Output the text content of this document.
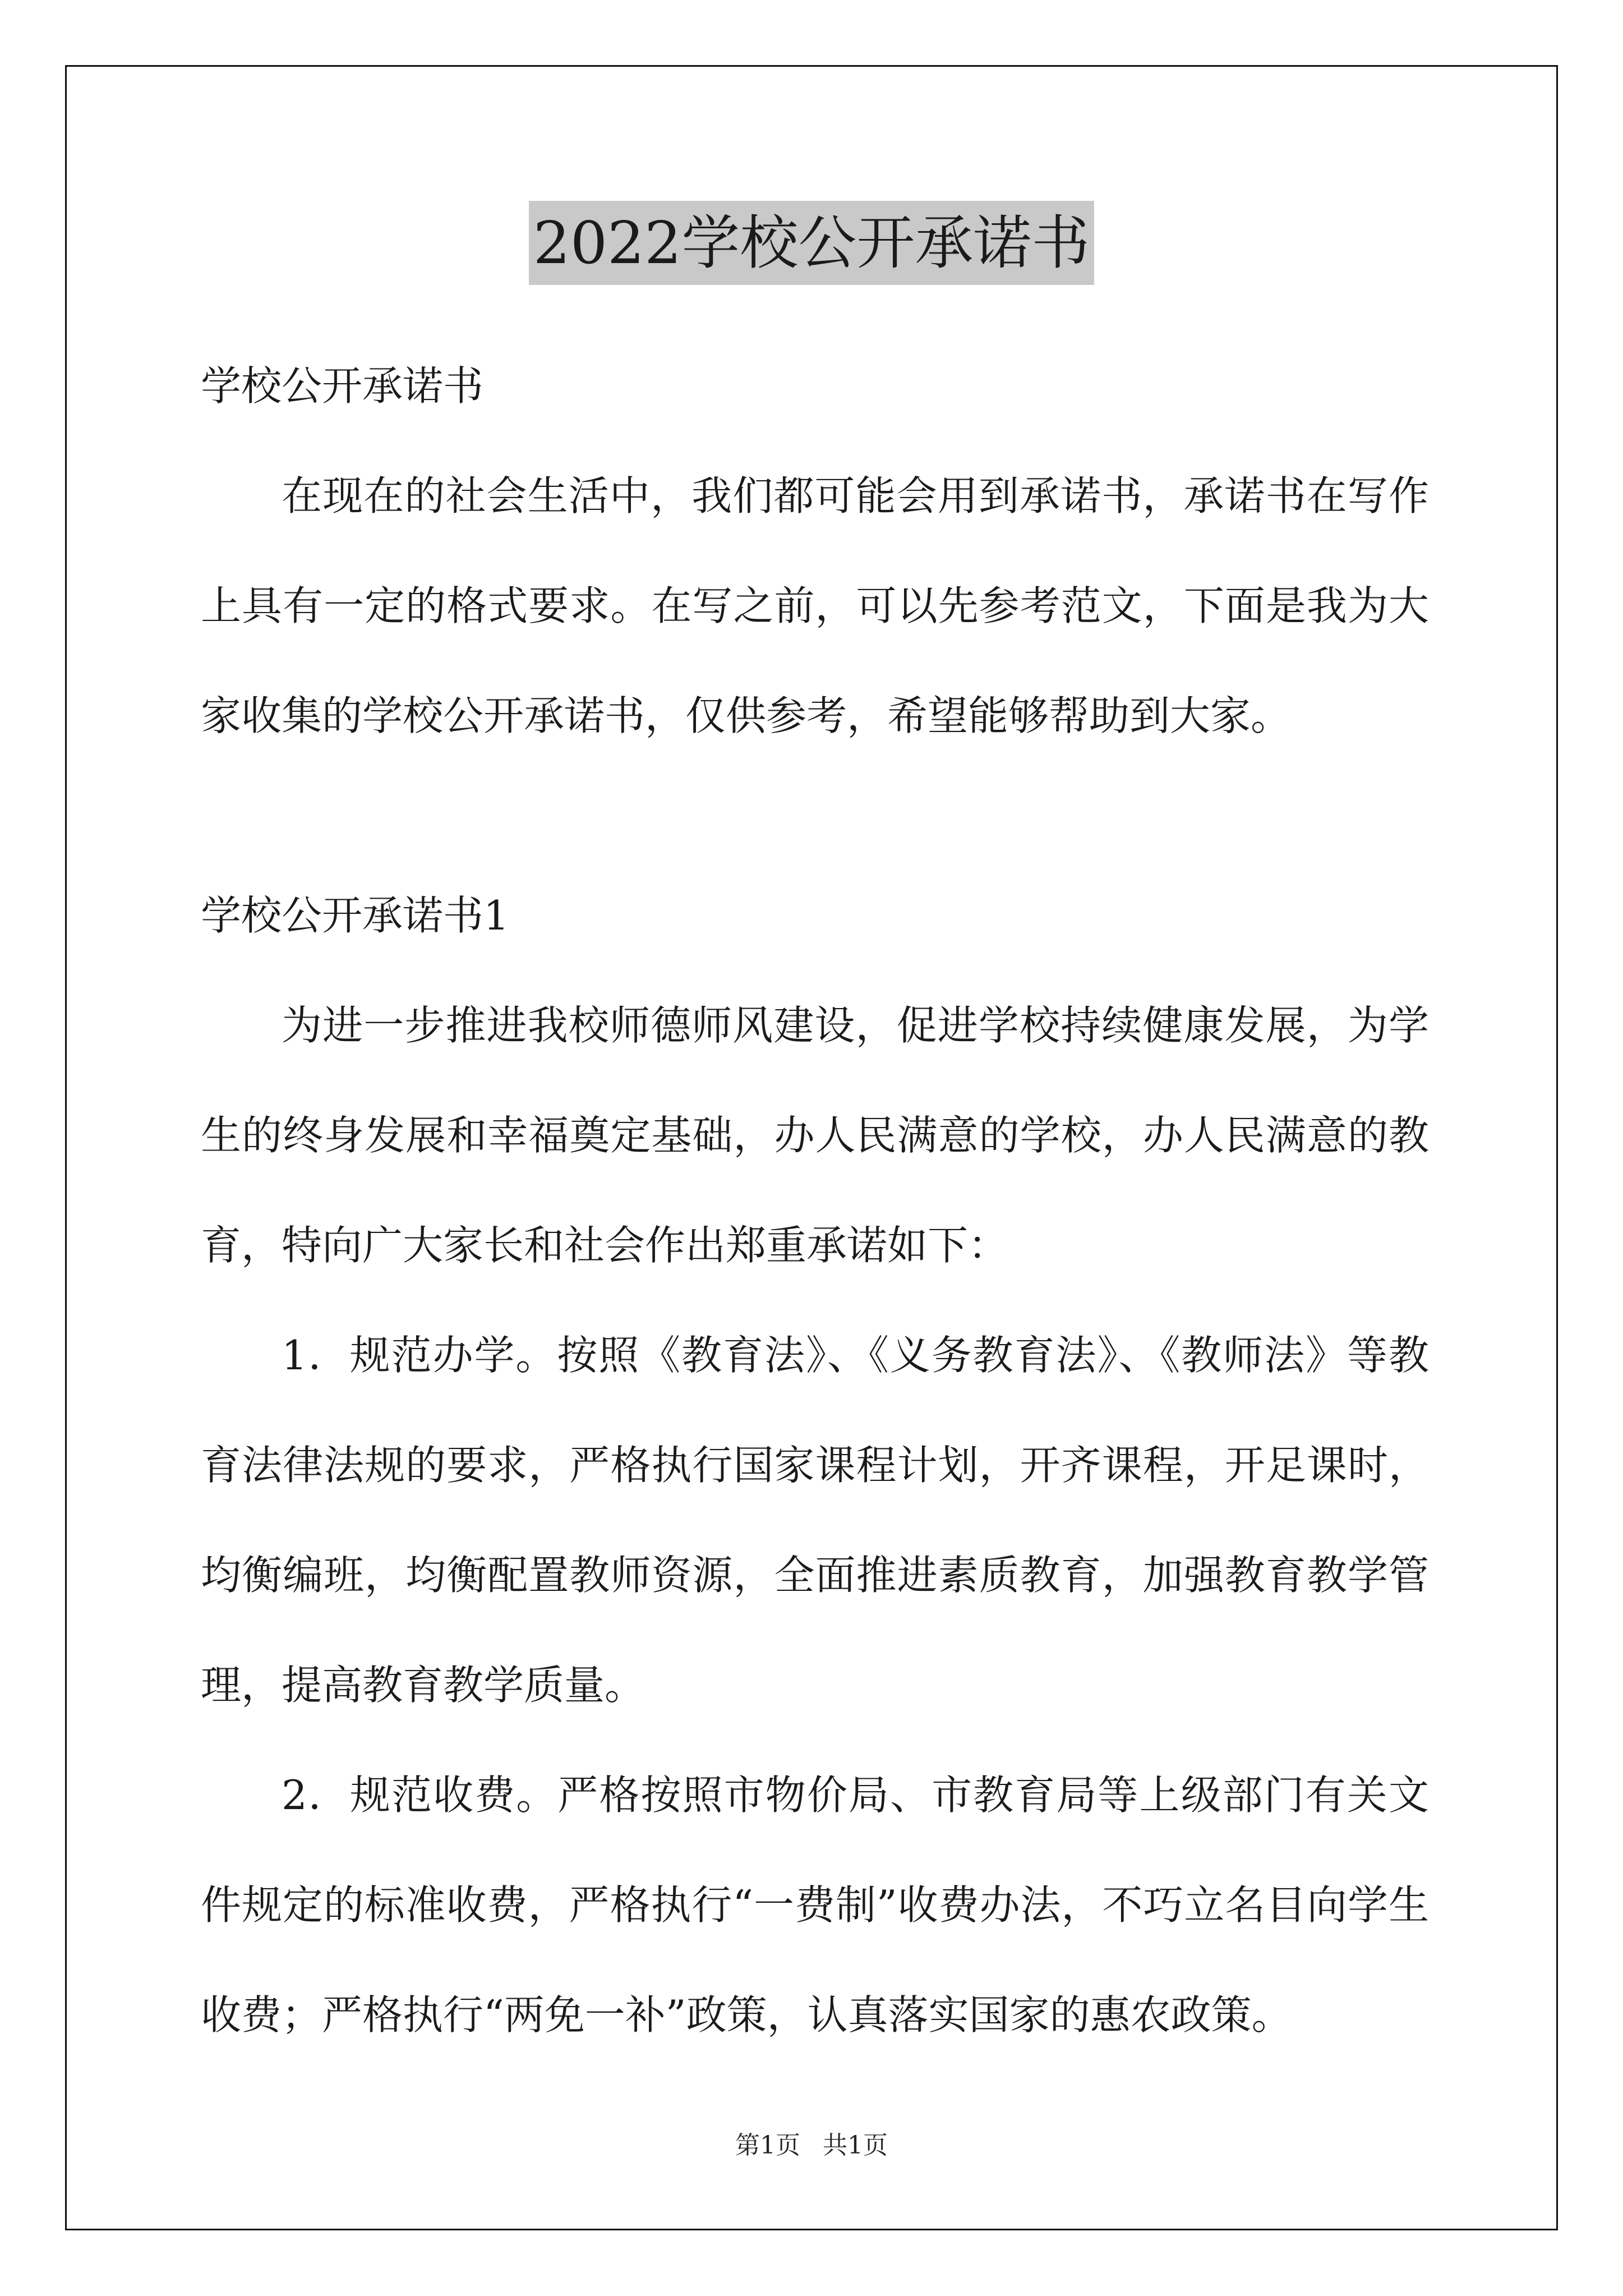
2022学校公开承诺书

学校公开承诺书

在现在的社会生活中，我们都可能会用到承诺书，承诺书在写作上具有一定的格式要求。在写之前，可以先参考范文，下面是我为大家收集的学校公开承诺书，仅供参考，希望能够帮助到大家。

学校公开承诺书1

为进一步推进我校师德师风建设，促进学校持续健康发展，为学生的终身发展和幸福奠定基础，办人民满意的学校，办人民满意的教育，特向广大家长和社会作出郑重承诺如下：

1．规范办学。按照《教育法》、《义务教育法》、《教师法》等教育法律法规的要求，严格执行国家课程计划，开齐课程，开足课时，均衡编班，均衡配置教师资源，全面推进素质教育，加强教育教学管理，提高教育教学质量。

2．规范收费。严格按照市物价局、市教育局等上级部门有关文件规定的标准收费，严格执行“一费制”收费办法，不巧立名目向学生收费；严格执行“两免一补”政策，认真落实国家的惠农政策。

第1页 共1页
